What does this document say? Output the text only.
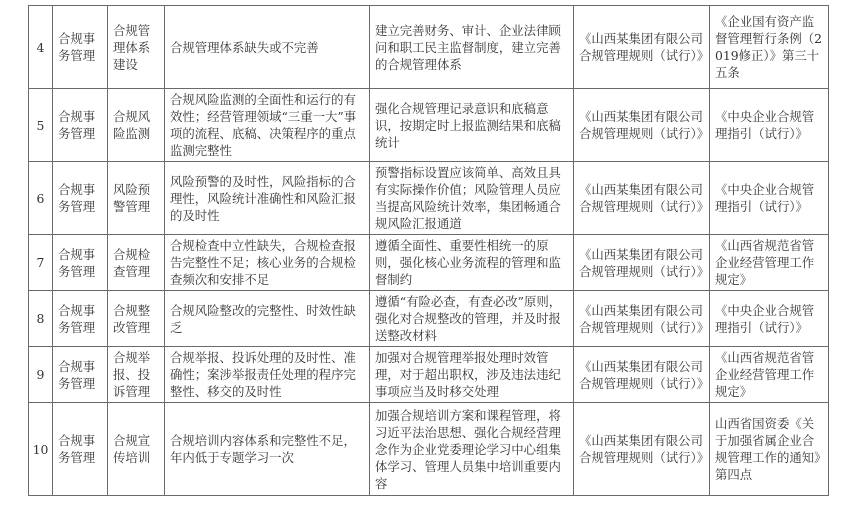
4	合规事务管理	合规管理体系建设	合规管理体系缺失或不完善	建立完善财务、审计、企业法律顾问和职工民主监督制度，建立完善的合规管理体系	《山西某集团有限公司合规管理规则（试行）》	《企业国有资产监督管理暂行条例（2019修正）》第三十五条
5	合规事务管理	合规风险监测	合规风险监测的全面性和运行的有效性；经营管理领域“三重一大”事项的流程、底稿、决策程序的重点监测完整性	强化合规管理记录意识和底稿意识，按期定时上报监测结果和底稿统计	《山西某集团有限公司合规管理规则（试行）》	《中央企业合规管理指引（试行）》
6	合规事务管理	风险预警管理	风险预警的及时性，风险指标的合理性，风险统计准确性和风险汇报的及时性	预警指标设置应该简单、高效且具有实际操作价值；风险管理人员应当提高风险统计效率，集团畅通合规风险汇报通道	《山西某集团有限公司合规管理规则（试行）》	《中央企业合规管理指引（试行）》
7	合规事务管理	合规检查管理	合规检查中立性缺失，合规检查报告完整性不足；核心业务的合规检查频次和安排不足	遵循全面性、重要性相统一的原则，强化核心业务流程的管理和监督制约	《山西某集团有限公司合规管理规则（试行）》	《山西省规范省管企业经营管理工作规定》
8	合规事务管理	合规整改管理	合规风险整改的完整性、时效性缺乏	遵循“有险必查，有查必改”原则，强化对合规整改的管理，并及时报送整改材料	《山西某集团有限公司合规管理规则（试行）》	《中央企业合规管理指引（试行）》
9	合规事务管理	合规举报、投诉管理	合规举报、投诉处理的及时性、准确性；案涉举报责任处理的程序完整性、移交的及时性	加强对合规管理举报处理时效管理，对于超出职权，涉及违法违纪事项应当及时移交处理	《山西某集团有限公司合规管理规则（试行）》	《山西省规范省管企业经营管理工作规定》
10	合规事务管理	合规宣传培训	合规培训内容体系和完整性不足，年内低于专题学习一次	加强合规培训方案和课程管理，将习近平法治思想、强化合规经营理念作为企业党委理论学习中心组集体学习、管理人员集中培训重要内容	《山西某集团有限公司合规管理规则（试行）》	山西省国资委《关于加强省属企业合规管理工作的通知》第四点
